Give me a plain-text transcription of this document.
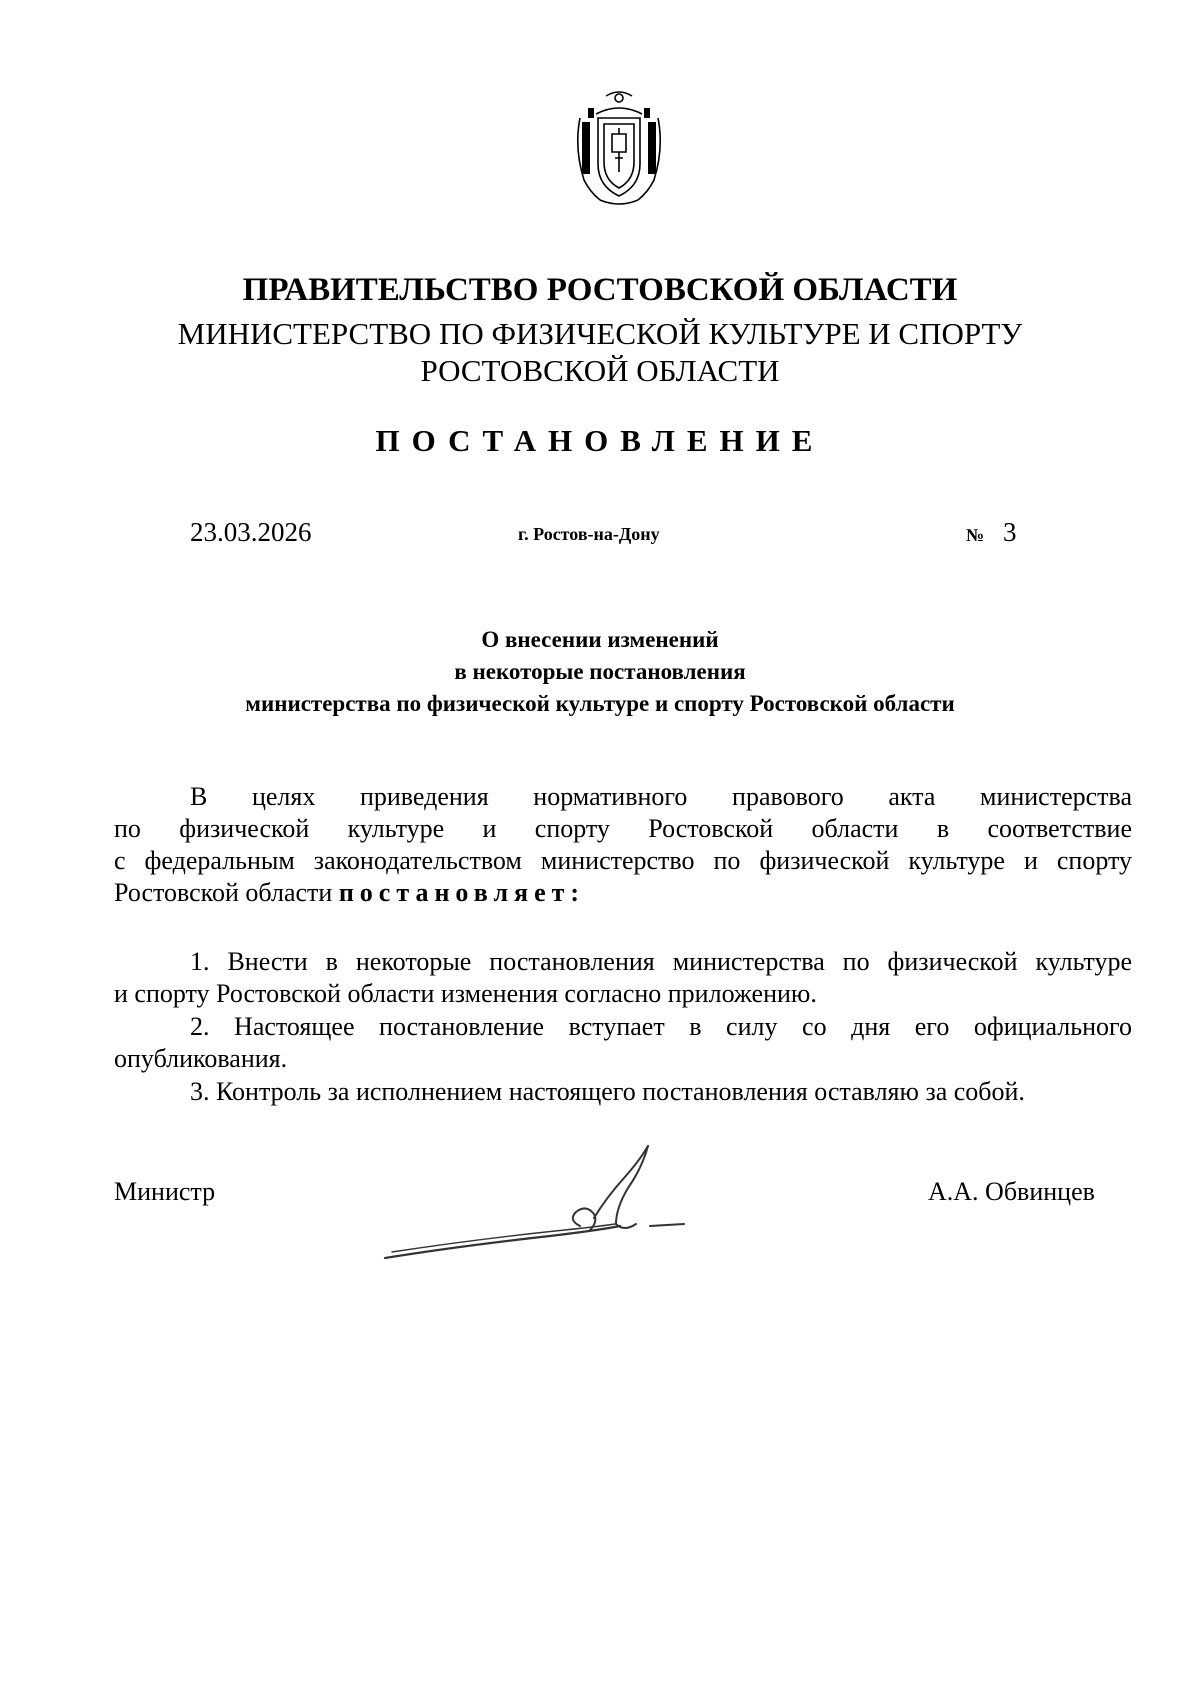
ПРАВИТЕЛЬСТВО РОСТОВСКОЙ ОБЛАСТИ
МИНИСТЕРСТВО ПО ФИЗИЧЕСКОЙ КУЛЬТУРЕ И СПОРТУ
РОСТОВСКОЙ ОБЛАСТИ
ПОСТАНОВЛЕНИЕ
23.03.2026	г. Ростов-на-Дону	№ 3
О внесении изменений
в некоторые постановления
министерства по физической культуре и спорту Ростовской области
В целях приведения нормативного правового акта министерства
по физической культуре и спорту Ростовской области в соответствие
с федеральным законодательством министерство по физической культуре и спорту
Ростовской области постановляет:
1. Внести в некоторые постановления министерства по физической культуре
и спорту Ростовской области изменения согласно приложению.
2. Настоящее постановление вступает в силу со дня его официального
опубликования.
3. Контроль за исполнением настоящего постановления оставляю за собой.
Министр	А.А. Обвинцев
